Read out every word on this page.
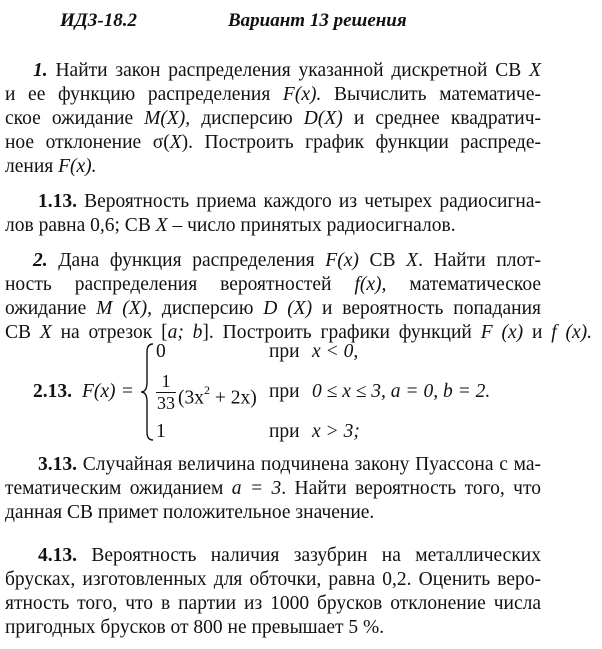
ИДЗ-18.2	Вариант 13 решения
1. Найти закон распределения указанной дискретной СВ X
и ее функцию распределения F(x). Вычислить математиче-
ское ожидание M(X), дисперсию D(X) и среднее квадратич-
ное отклонение σ(X). Построить график функции распреде-
ления F(x).
1.13. Вероятность приема каждого из четырех радиосигна-
лов равна 0,6; СВ X – число принятых радиосигналов.
2. Дана функция распределения F(x) СВ X. Найти плот-
ность распределения вероятностей f(x), математическое
ожидание M (X), дисперсию D (X) и вероятность попадания
СВ X на отрезок [a; b]. Построить графики функций F (x) и f (x).
2.13. F(x) =
0	при x < 0,
1
33 $(3x^2 + 2x)$ при 0 ≤ x ≤ 3, a = 0, b = 2.
1	при x > 3;
3.13. Случайная величина подчинена закону Пуассона с ма-
тематическим ожиданием a = 3. Найти вероятность того, что
данная СВ примет положительное значение.
4.13. Вероятность наличия зазубрин на металлических
брусках, изготовленных для обточки, равна 0,2. Оценить веро-
ятность того, что в партии из 1000 брусков отклонение числа
пригодных брусков от 800 не превышает 5 %.
